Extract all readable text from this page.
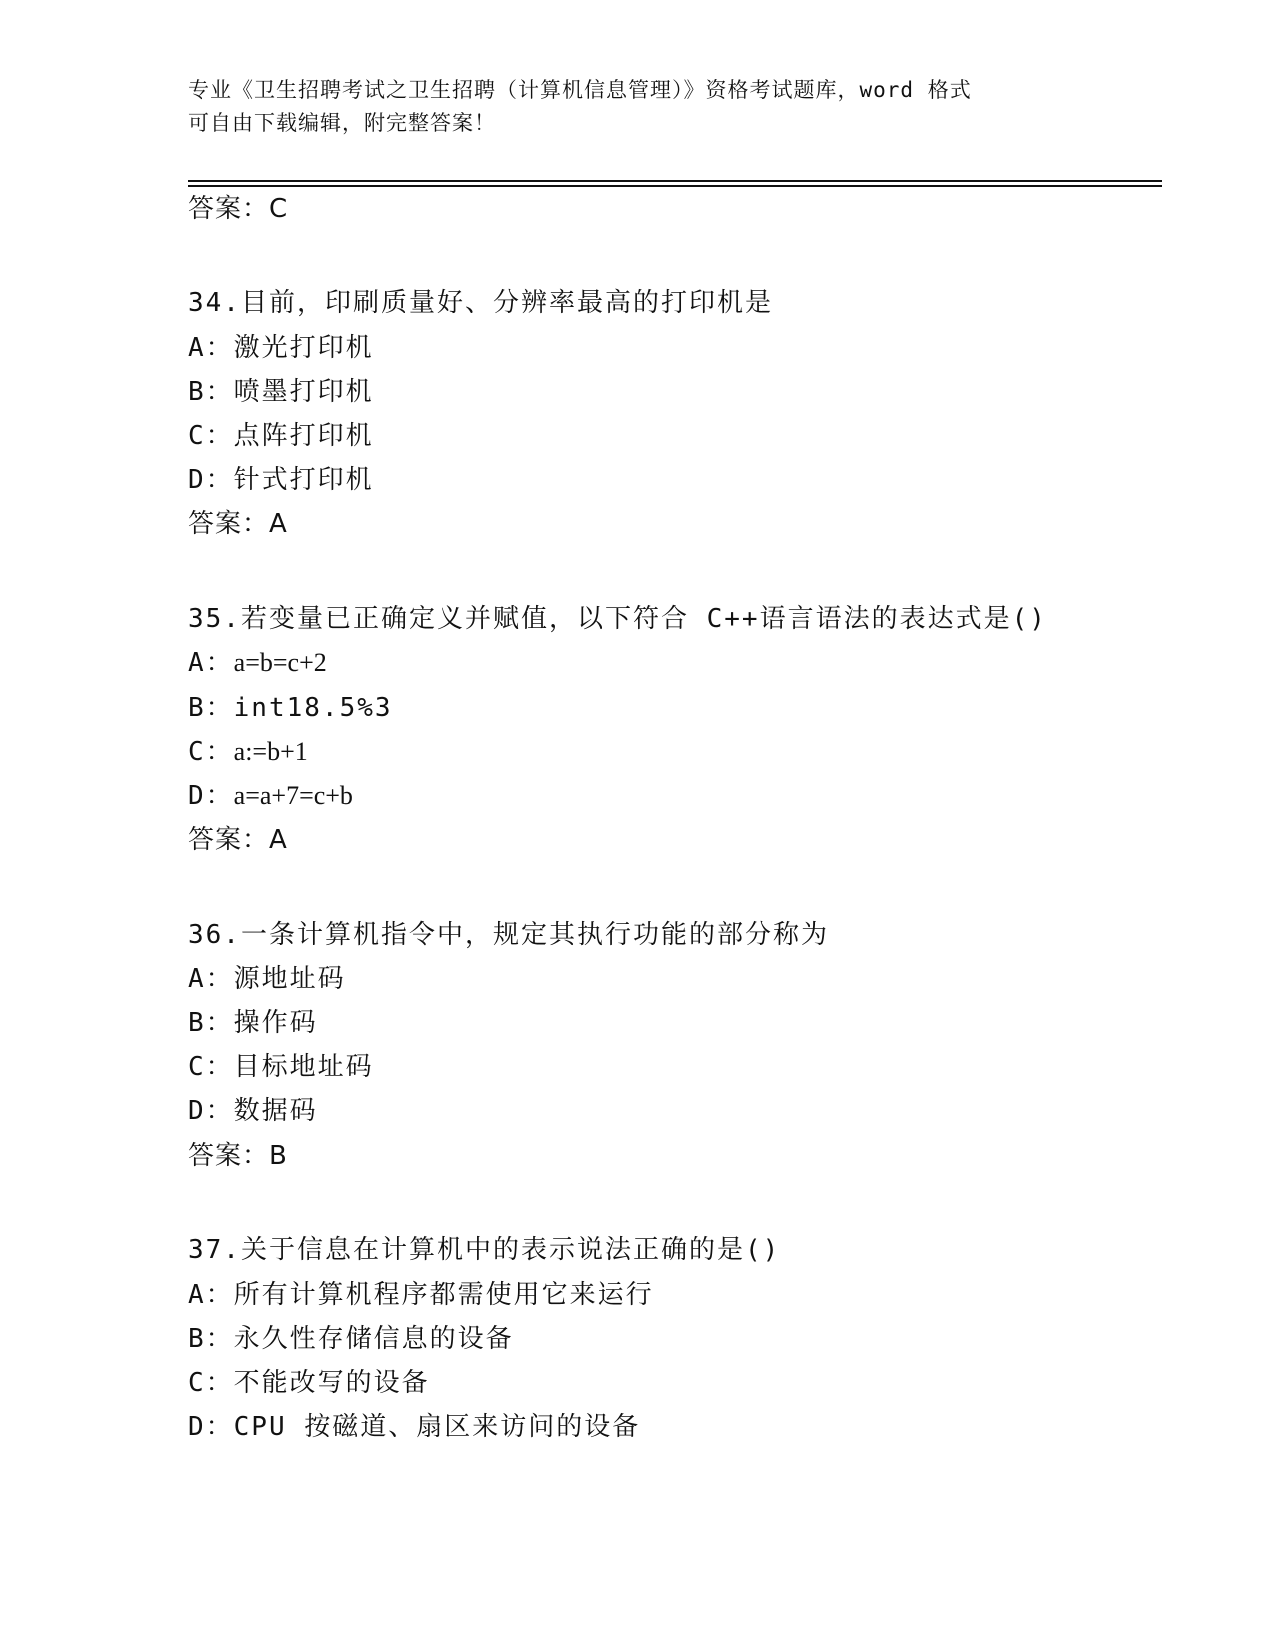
专业《卫生招聘考试之卫生招聘（计算机信息管理）》资格考试题库，word 格式
可自由下载编辑，附完整答案！
答案：C
34.目前，印刷质量好、分辨率最高的打印机是
A：激光打印机
B：喷墨打印机
C：点阵打印机
D：针式打印机
答案：A
35.若变量已正确定义并赋值，以下符合 C++语言语法的表达式是()
A：a=b=c+2
B：int18.5%3
C：a:=b+1
D：a=a+7=c+b
答案：A
36.一条计算机指令中，规定其执行功能的部分称为
A：源地址码
B：操作码
C：目标地址码
D：数据码
答案：B
37.关于信息在计算机中的表示说法正确的是()
A：所有计算机程序都需使用它来运行
B：永久性存储信息的设备
C：不能改写的设备
D：CPU 按磁道、扇区来访问的设备
